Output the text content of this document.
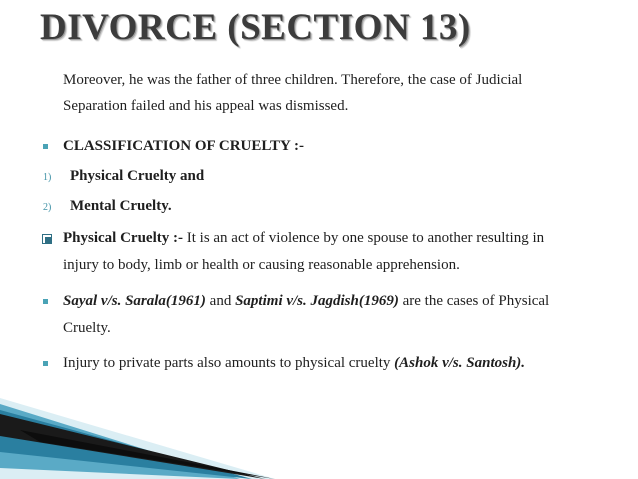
DIVORCE (SECTION 13)
Moreover, he was the father of three children. Therefore, the case of Judicial
Separation failed and his appeal was dismissed.
CLASSIFICATION OF CRUELTY :-
1) Physical Cruelty and
2) Mental Cruelty.
Physical Cruelty :- It is an act of violence by one spouse to another resulting in
injury to body, limb or health or causing reasonable apprehension.
Sayal v/s. Sarala(1961) and Saptimi v/s. Jagdish(1969) are the cases of Physical
Cruelty.
Injury to private parts also amounts to physical cruelty (Ashok v/s. Santosh).
